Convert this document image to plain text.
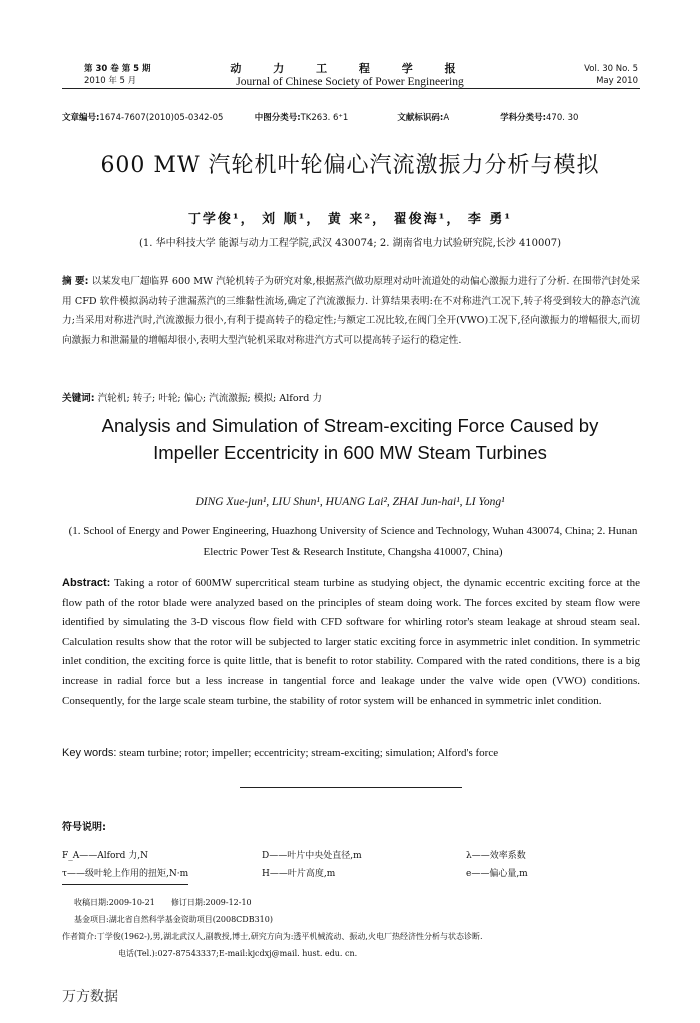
第 30 卷 第 5 期
2010 年 5 月
动 力 工 程 学 报
Journal of Chinese Society of Power Engineering
Vol. 30 No. 5
May 2010
文章编号:1674-7607(2010)05-0342-05	中图分类号:TK263. 6⁺1	文献标识码:A	学科分类号:470. 30
600 MW 汽轮机叶轮偏心汽流激振力分析与模拟
丁学俊¹， 刘 顺¹， 黄 来²， 翟俊海¹， 李 勇¹
(1. 华中科技大学 能源与动力工程学院,武汉 430074; 2. 湖南省电力试验研究院,长沙 410007)
摘 要: 以某发电厂超临界 600 MW 汽轮机转子为研究对象,根据蒸汽做功原理对动叶流道处的动偏心激振力进行了分析. 在围带汽封处采用 CFD 软件模拟涡动转子泄漏蒸汽的三维黏性流场,确定了汽流激振力. 计算结果表明:在不对称进汽工况下,转子将受到较大的静态汽流力;当采用对称进汽时,汽流激振力很小,有利于提高转子的稳定性;与额定工况比较,在阀门全开(VWO)工况下,径向激振力的增幅很大,而切向激振力和泄漏量的增幅却很小,表明大型汽轮机采取对称进汽方式可以提高转子运行的稳定性.
关键词: 汽轮机; 转子; 叶轮; 偏心; 汽流激振; 模拟; Alford 力
Analysis and Simulation of Stream-exciting Force Caused by Impeller Eccentricity in 600 MW Steam Turbines
DING Xue-jun¹, LIU Shun¹, HUANG Lai², ZHAI Jun-hai¹, LI Yong¹
(1. School of Energy and Power Engineering, Huazhong University of Science and Technology, Wuhan 430074, China; 2. Hunan Electric Power Test & Research Institute, Changsha 410007, China)
Abstract: Taking a rotor of 600MW supercritical steam turbine as studying object, the dynamic eccentric exciting force at the flow path of the rotor blade were analyzed based on the principles of steam doing work. The forces excited by steam flow were identified by simulating the 3-D viscous flow field with CFD software for whirling rotor's steam leakage at shroud steam seal. Calculation results show that the rotor will be subjected to larger static exciting force in asymmetric inlet condition. In symmetric inlet condition, the exciting force is quite little, that is benefit to rotor stability. Compared with the rated conditions, there is a big increase in radial force but a less increase in tangential force and leakage under the valve wide open (VWO) conditions. Consequently, for the large scale steam turbine, the stability of rotor system will be enhanced in symmetric inlet condition.
Key words: steam turbine; rotor; impeller; eccentricity; stream-exciting; simulation; Alford's force
符号说明:
F_A——Alford 力,N	D——叶片中央处直径,m	λ——效率系数
τ——级叶轮上作用的扭矩,N·m	H——叶片高度,m	e——偏心量,m
收稿日期:2009-10-21　　修订日期:2009-12-10
基金项目:湖北省自然科学基金资助项目(2008CDB310)
作者简介:丁学俊(1962-),男,湖北武汉人,副教授,博士,研究方向为:透平机械流动、振动,火电厂热经济性分析与状态诊断.
电话(Tel.):027-87543337;E-mail:kjcdxj@mail. hust. edu. cn.
万方数据
